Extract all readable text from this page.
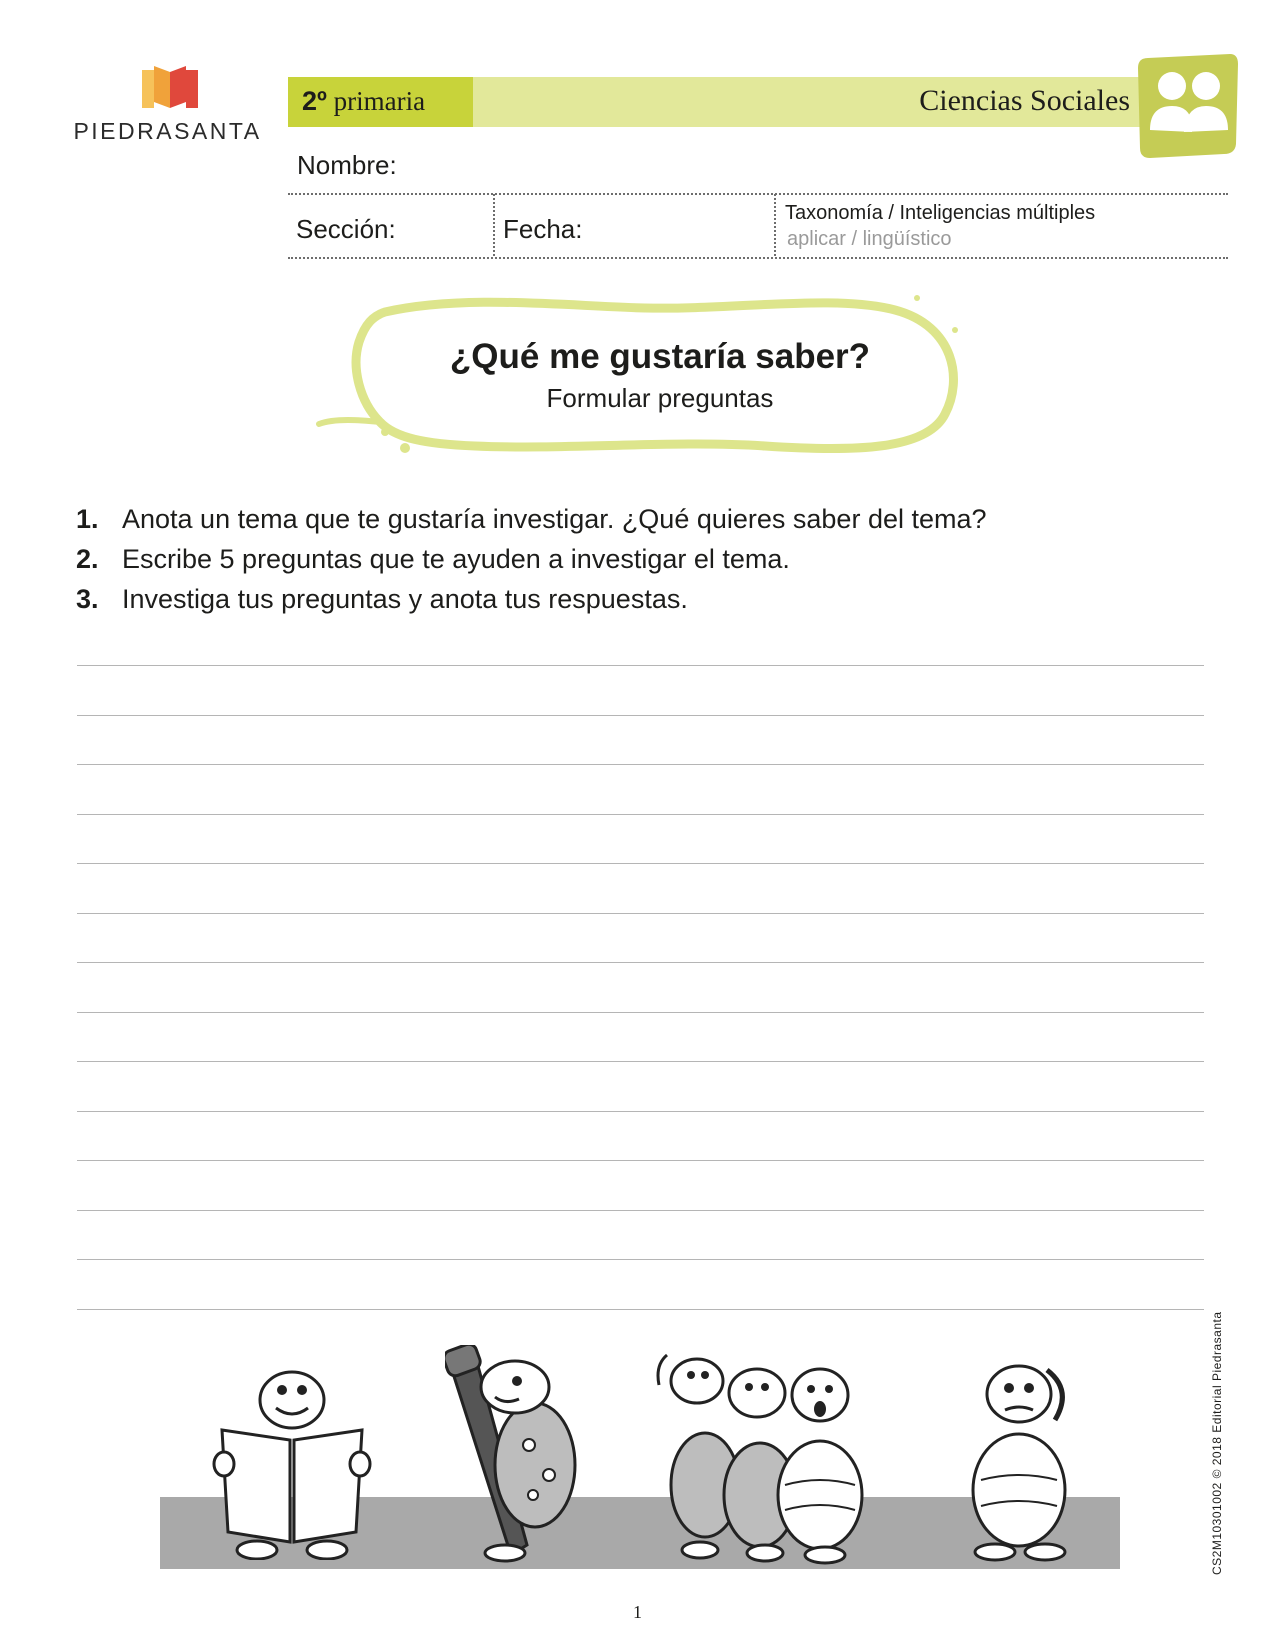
PIEDRASANTA
2º primaria	Ciencias Sociales
Nombre:
Sección:	Fecha:
Taxonomía / Inteligencias múltiples
aplicar / lingüístico
¿Qué me gustaría saber?
Formular preguntas
1. Anota un tema que te gustaría investigar. ¿Qué quieres saber del tema?
2. Escribe 5 preguntas que te ayuden a investigar el tema.
3. Investiga tus preguntas y anota tus respuestas.
CS2M10301002 © 2018 Editorial Piedrasanta
1
